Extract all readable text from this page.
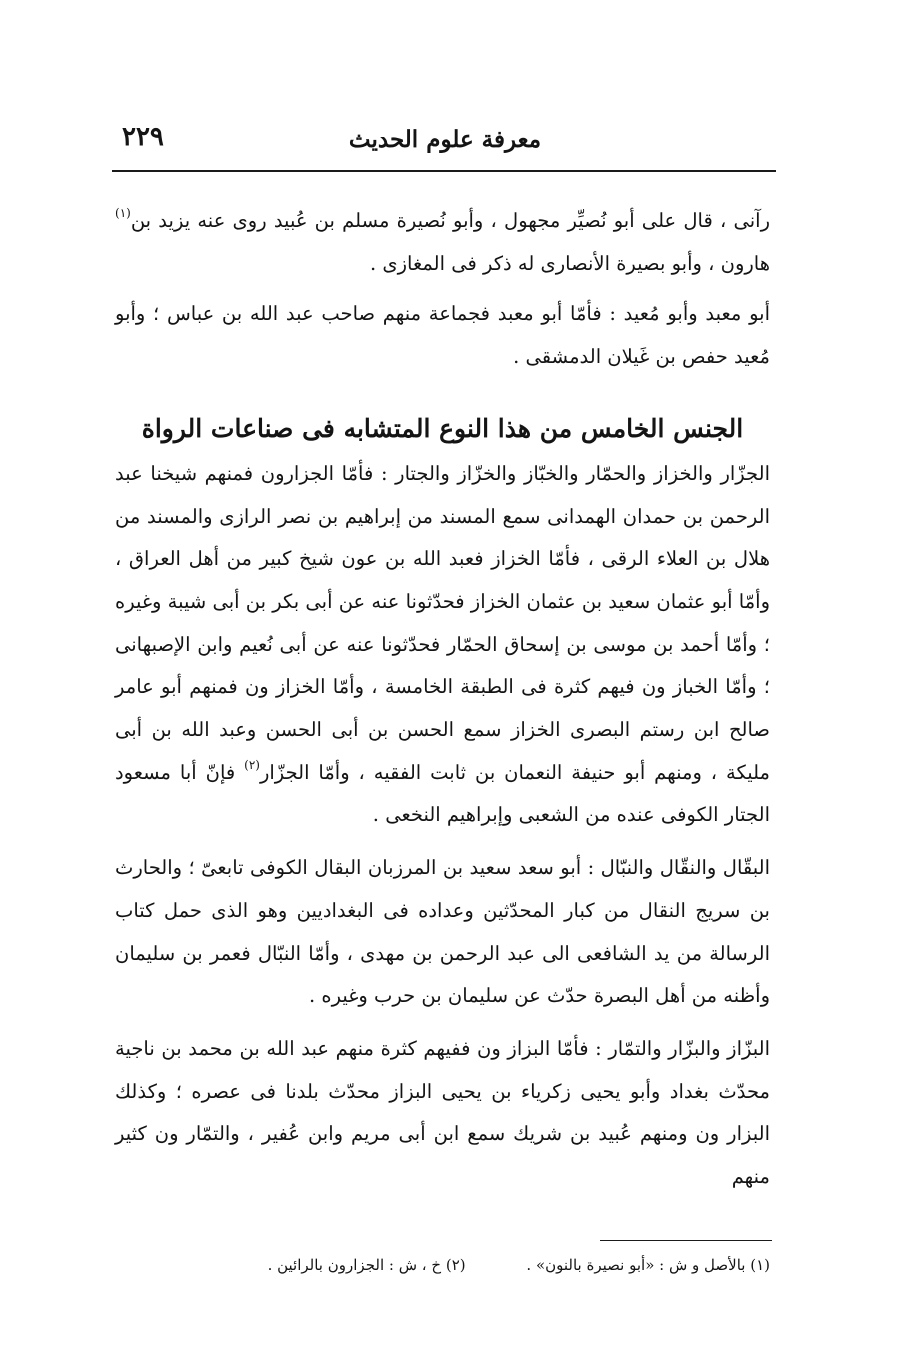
معرفة علوم الحديث
٢٢٩

رآنى ، قال على أبو نُصيِّر مجهول ، وأبو نُصيرة مسلم بن عُبيد روى عنه يزيد بن$^{(١)}$ هارون ، وأبو بصيرة الأنصارى له ذكر فى المغازى .

أبو معبد وأبو مُعيد : فأمّا أبو معبد فجماعة منهم صاحب عبد الله بن عباس ؛ وأبو مُعيد حفص بن غَيلان الدمشقى .

الجنس الخامس من هذا النوع المتشابه فى صناعات الرواة

الجزّار والخزاز والحمّار والخبّاز والخزّاز والجتار : فأمّا الجزارون فمنهم شيخنا عبد الرحمن بن حمدان الهمدانى سمع المسند من إبراهيم بن نصر الرازى والمسند من هلال بن العلاء الرقى ، فأمّا الخزاز فعبد الله بن عون شيخ كبير من أهل العراق ، وأمّا أبو عثمان سعيد بن عثمان الخزاز فحدّثونا عنه عن أبى بكر بن أبى شيبة وغيره ؛ وأمّا أحمد بن موسى بن إسحاق الحمّار فحدّثونا عنه عن أبى نُعيم وابن الإصبهانى ؛ وأمّا الخباز ون فيهم كثرة فى الطبقة الخامسة ، وأمّا الخزاز ون فمنهم أبو عامر صالح ابن رستم البصرى الخزاز سمع الحسن بن أبى الحسن وعبد الله بن أبى مليكة ، ومنهم أبو حنيفة النعمان بن ثابت الفقيه ، وأمّا الجزّار$^{(٢)}$ فإنّ أبا مسعود الجتار الكوفى عنده من الشعبى وإبراهيم النخعى .

البقّال والنقّال والنبّال : أبو سعد سعيد بن المرزبان البقال الكوفى تابعىّ ؛ والحارث بن سريج النقال من كبار المحدّثين وعداده فى البغداديين وهو الذى حمل كتاب الرسالة من يد الشافعى الى عبد الرحمن بن مهدى ، وأمّا النبّال فعمر بن سليمان وأظنه من أهل البصرة حدّث عن سليمان بن حرب وغيره .

البزّاز والبزّار والتمّار : فأمّا البزاز ون ففيهم كثرة منهم عبد الله بن محمد بن ناجية محدّث بغداد وأبو يحيى زكرياء بن يحيى البزاز محدّث بلدنا فى عصره ؛ وكذلك البزار ون ومنهم عُبيد بن شريك سمع ابن أبى مريم وابن عُفير ، والتمّار ون كثير منهم

(١) بالأصل و ش : «أبو نصيرة بالنون» . (٢) خ ، ش : الجزارون بالرائين .
